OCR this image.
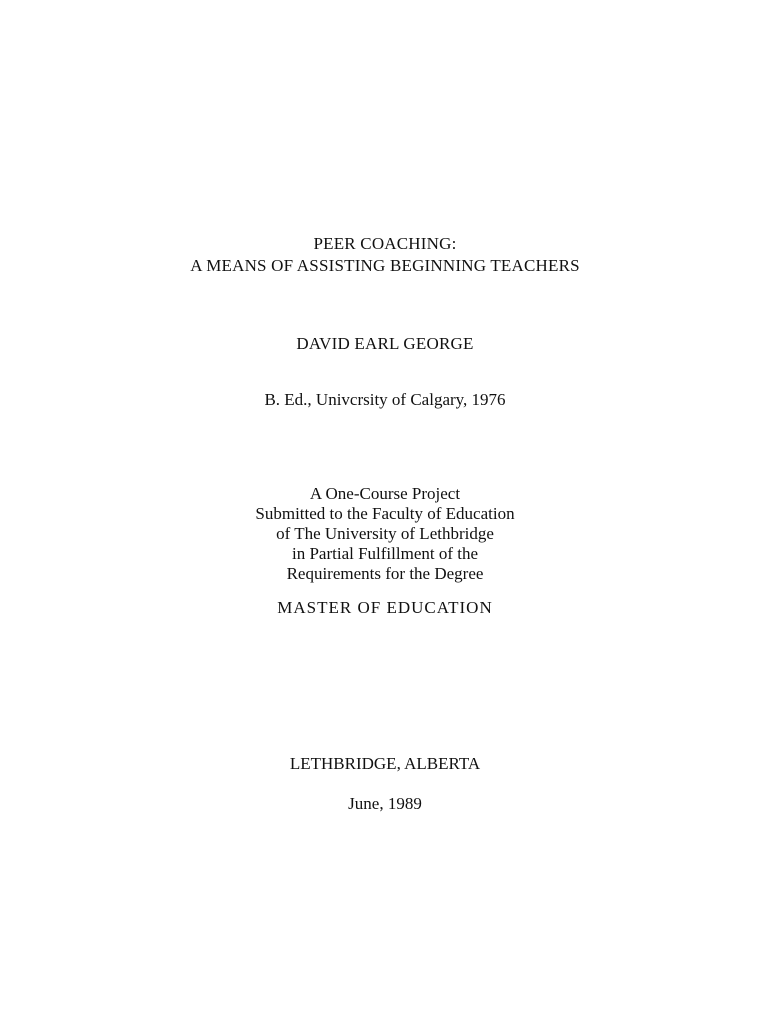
PEER COACHING:
A MEANS OF ASSISTING BEGINNING TEACHERS
DAVID EARL GEORGE
B. Ed., Univcrsity of Calgary, 1976
A One-Course Project
Submitted to the Faculty of Education
of The University of Lethbridge
in Partial Fulfillment of the
Requirements for the Degree
MASTER OF EDUCATION
LETHBRIDGE, ALBERTA
June, 1989
